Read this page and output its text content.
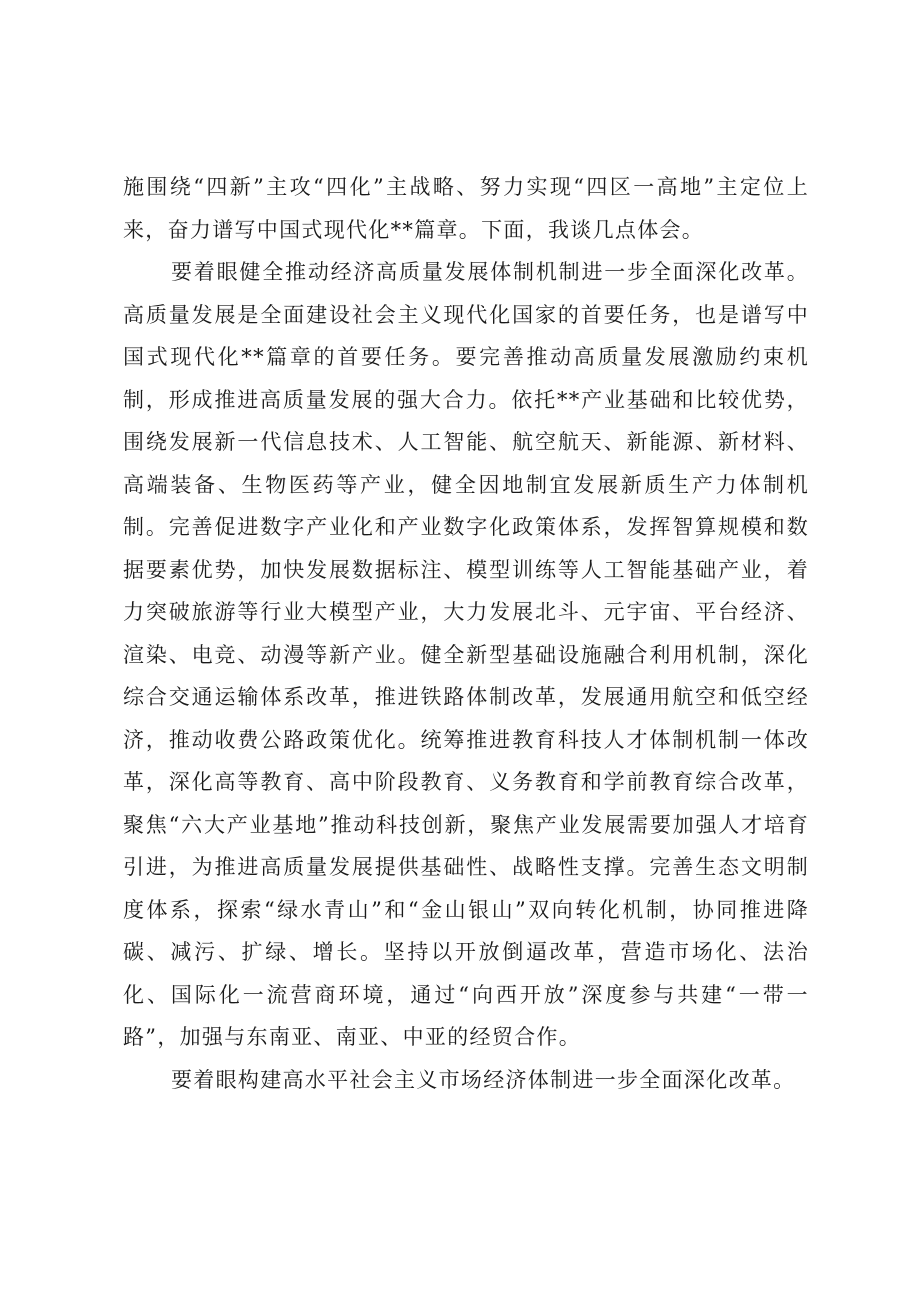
施围绕“四新”主攻“四化”主战略、努力实现“四区一高地”主定位上来，奋力谱写中国式现代化**篇章。下面，我谈几点体会。

要着眼健全推动经济高质量发展体制机制进一步全面深化改革。高质量发展是全面建设社会主义现代化国家的首要任务，也是谱写中国式现代化**篇章的首要任务。要完善推动高质量发展激励约束机制，形成推进高质量发展的强大合力。依托**产业基础和比较优势，围绕发展新一代信息技术、人工智能、航空航天、新能源、新材料、高端装备、生物医药等产业，健全因地制宜发展新质生产力体制机制。完善促进数字产业化和产业数字化政策体系，发挥智算规模和数据要素优势，加快发展数据标注、模型训练等人工智能基础产业，着力突破旅游等行业大模型产业，大力发展北斗、元宇宙、平台经济、渲染、电竞、动漫等新产业。健全新型基础设施融合利用机制，深化综合交通运输体系改革，推进铁路体制改革，发展通用航空和低空经济，推动收费公路政策优化。统筹推进教育科技人才体制机制一体改革，深化高等教育、高中阶段教育、义务教育和学前教育综合改革，聚焦“六大产业基地”推动科技创新，聚焦产业发展需要加强人才培育引进，为推进高质量发展提供基础性、战略性支撑。完善生态文明制度体系，探索“绿水青山”和“金山银山”双向转化机制，协同推进降碳、减污、扩绿、增长。坚持以开放倒逼改革，营造市场化、法治化、国际化一流营商环境，通过“向西开放”深度参与共建“一带一路”，加强与东南亚、南亚、中亚的经贸合作。

要着眼构建高水平社会主义市场经济体制进一步全面深化改革。
